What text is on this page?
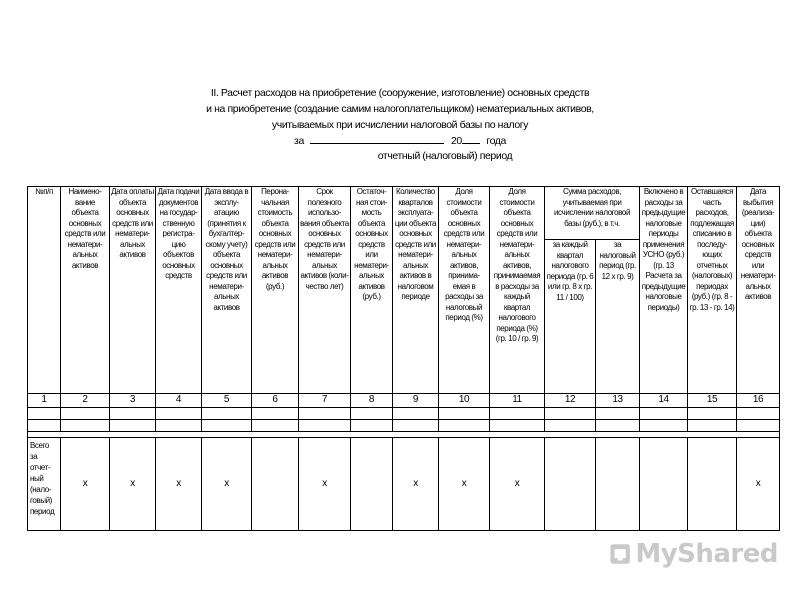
II. Расчет расходов на приобретение (сооружение, изготовление) основных средств
и на приобретение (создание самим налогоплательщиком) нематериальных активов,
учитываемых при исчислении налоговой базы по налогу
за	20 года
отчетный (налоговый) период
№п/п	Наимено-вание объекта основных средств или нематери-альных активов	Дата оплаты объекта основных средств или нематери-альных активов	Дата подачи документов на государ-ственную регистра-цию объектов основных средств	Дата ввода в эксплу-атацию (принятия к бухгалтер-скому учету) объекта основных средств или нематери-альных активов	Перона-чальная стоимость объекта основных средств или нематери-альных активов (руб.)	Срок полезного использо-вания объекта основных средств или нематери-альных активов (коли-чество лет)	Остаточ-ная стои-мость объекта основных средств или нематери-альных активов (руб.)	Количество кварталов эксплуата-ции объекта основных средств или нематери-альных активов в налоговом периоде	Доля стоимости объекта основных средств или нематери-альных активов, принима-емая в расходы за налоговый период (%)	Доля стоимости объекта основных средств или нематери-альных активов, принимаемая в расходы за каждый квартал налогового периода (%) (гр. 10 / гр. 9)	Сумма расходов, учитываемая при исчислении налоговой базы (руб.), в т.ч.		Включено в расходы за предыдущие налоговые периоды применения УСНО (руб.) (гр. 13 Расчета за предыдущие налоговые периоды)	Оставшаяся часть расходов, подлежащая списанию в последу-ющих отчетных (налоговых) периодах (руб.) (гр. 8 - гр. 13 - гр. 14)	Дата выбытия (реализа-ции) объекта основных средств или нематери-альных активов
											за каждый квартал налогового периода (гр. 6 или гр. 8 х гр. 11 / 100)	за налоговый период (гр. 12 х гр. 9)			
1	2	3	4	5	6	7	8	9	10	11	12	13	14	15	16

Всего за отчет-ный (нало-говый) период	x	x	x	x		x		x	x	x					x
MyShared
